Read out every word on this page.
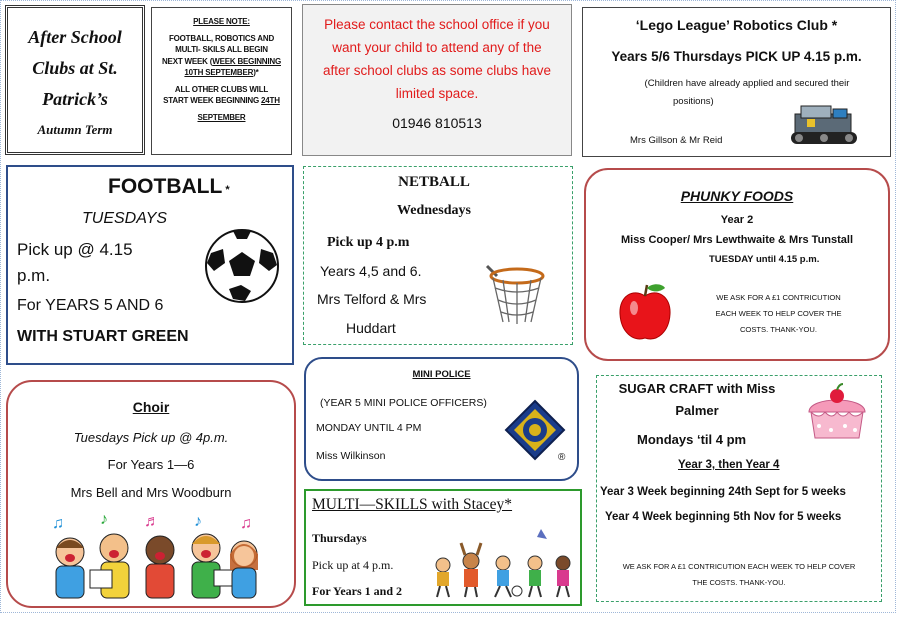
After School
Clubs at St.
Patrick’s
Autumn Term
PLEASE NOTE:
FOOTBALL, ROBOTICS AND
MULTI- SKILS ALL BEGIN
NEXT WEEK (WEEK BEGINNING
10TH SEPTEMBER)*
ALL OTHER CLUBS WILL
START WEEK BEGINNING 24TH
SEPTEMBER
Please contact the school office if you
want your child to attend any of the
after school clubs as some clubs have
limited space.
01946 810513
‘Lego League’ Robotics Club *
Years 5/6 Thursdays PICK UP 4.15 p.m.
(Children have already applied and secured their
positions)
Mrs Gillson & Mr Reid
FOOTBALL *
TUESDAYS
Pick up @ 4.15
p.m.
For YEARS 5 AND 6
WITH STUART GREEN
NETBALL
Wednesdays
Pick up 4 p.m
Years 4,5 and 6.
Mrs Telford & Mrs
Huddart
PHUNKY FOODS
Year 2
Miss Cooper/ Mrs Lewthwaite & Mrs Tunstall
TUESDAY until 4.15 p.m.
WE ASK FOR A £1 CONTRICUTION
EACH WEEK TO HELP COVER THE
COSTS. THANK-YOU.
Choir
Tuesdays Pick up @ 4p.m.
For Years 1—6
Mrs Bell and Mrs Woodburn
♫ ♪ ♬ ♪ ♫
MINI POLICE
(YEAR 5 MINI POLICE OFFICERS)
MONDAY UNTIL 4 PM
Miss Wilkinson	®
MULTI—SKILLS with Stacey*
Thursdays
Pick up at 4 p.m.
For Years 1 and 2
SUGAR CRAFT with Miss
Palmer
Mondays ‘til 4 pm
Year 3, then Year 4
Year 3 Week beginning 24th Sept for 5 weeks
Year 4 Week beginning 5th Nov for 5 weeks
WE ASK FOR A £1 CONTRICUTION EACH WEEK TO HELP COVER
THE COSTS. THANK-YOU.
